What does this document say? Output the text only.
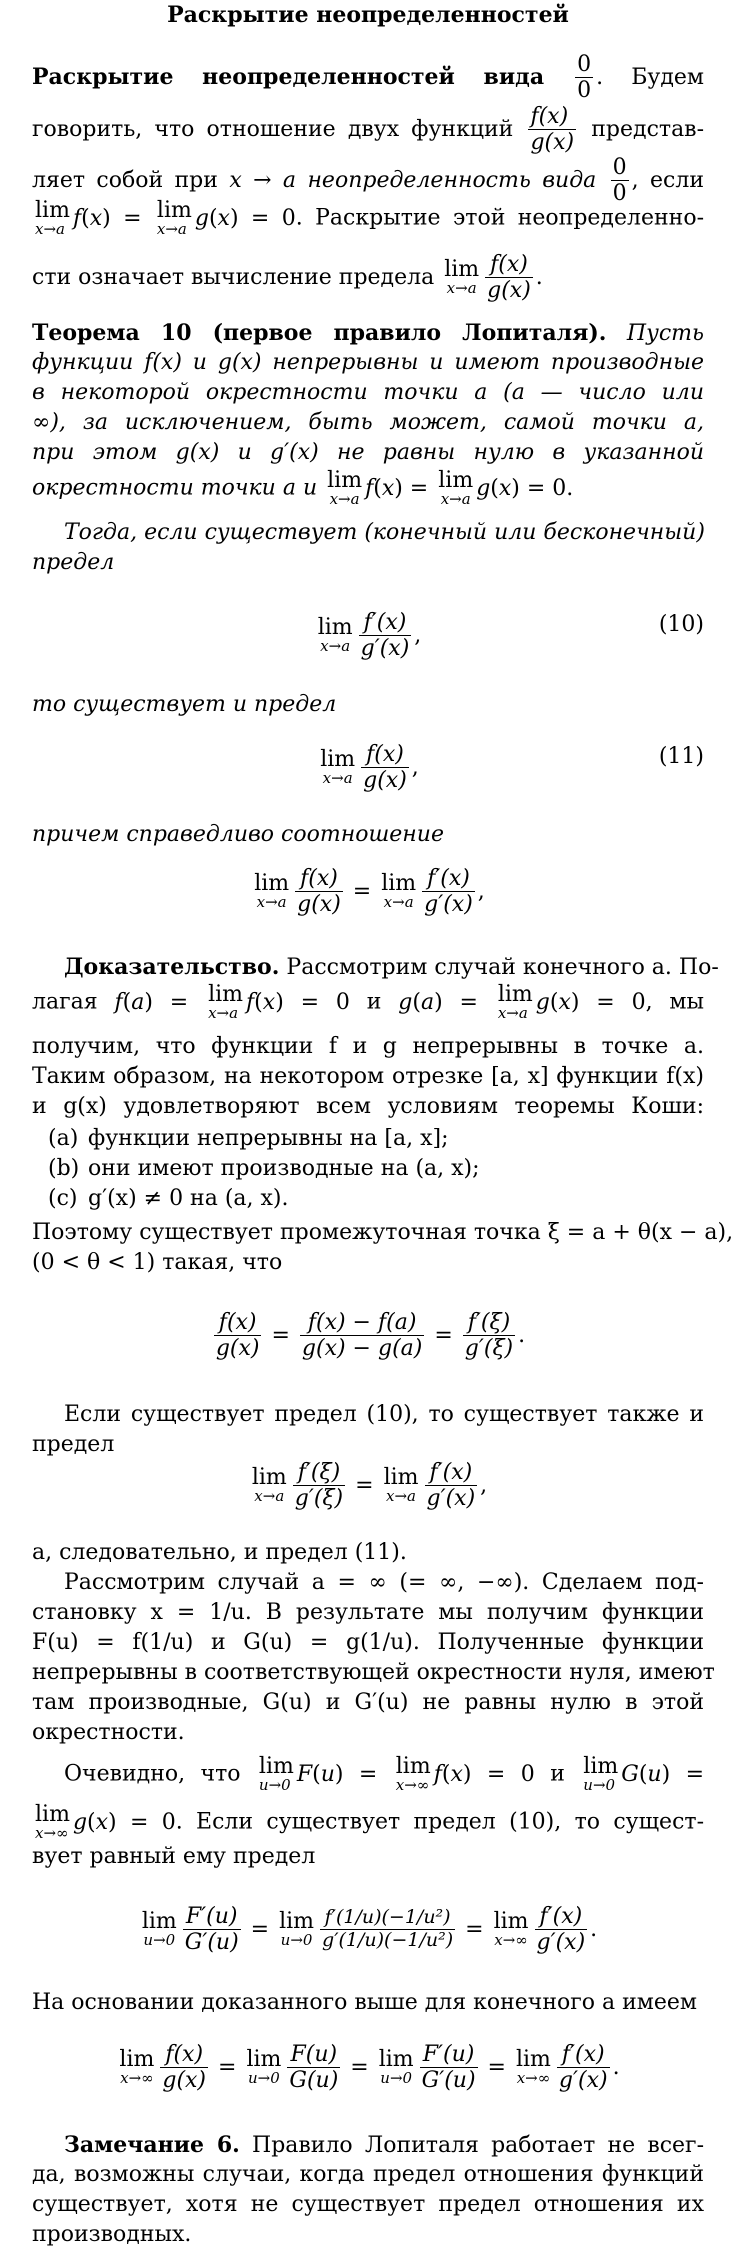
Раскрытие неопределенностей
Раскрытие неопределенностей вида $\frac{0}{0}$ . Будем
говорить, что отношение двух функций $\frac{f(x)}{g(x)}$ представ-
ляет собой при x → a неопределенность вида $\frac{0}{0}$ , если
lim
x→a f(x) = lim
x→a g(x) = 0. Раскрытие этой неопределенно-
сти означает вычисление предела lim
$x\to a \frac{f(x)}{g(x)}$ .
Теорема 10 (первое правило Лопиталя). Пусть
функции f(x) и g(x) непрерывны и имеют производные
в некоторой окрестности точки a (a — число или
∞), за исключением, быть может, самой точки a,
при этом g(x) и g′(x) не равны нулю в указанной
окрестности точки a и lim
x→a f(x) = lim
x→a g(x) = 0.
Тогда, если существует (конечный или бесконечный)
предел
lim
$x\to a \frac{f'(x)}{g'(x)}$ ,	(10)
то существует и предел
lim
$x\to a \frac{f(x)}{g(x)}$ ,	(11)
причем справедливо соотношение
lim
$x\to a \frac{f(x)}{g(x)} = \lim$
$x\to a \frac{f'(x)}{g'(x)}$ ,
Доказательство. Рассмотрим случай конечного a. По-
лагая f(a) = lim
x→a f(x) = 0 и g(a) = lim
x→a g(x) = 0, мы
получим, что функции f и g непрерывны в точке a.
Таким образом, на некотором отрезке [a, x] функции f(x)
и g(x) удовлетворяют всем условиям теоремы Коши:
(a) функции непрерывны на [a, x];
(b) они имеют производные на (a, x);
(c) g′(x) ≠ 0 на (a, x).
Поэтому существует промежуточная точка ξ = a + θ(x − a),
(0 < θ < 1) такая, что
$\frac{f(x)}{g(x)} = \frac{f(x) - f(a)}{g(x) - g(a)} = \frac{f'(\xi)}{g'(\xi)}$ .
Если существует предел (10), то существует также и
предел
lim
$x\to a \frac{f'(\xi)}{g'(\xi)} = \lim$
$x\to a \frac{f'(x)}{g'(x)}$ ,
а, следовательно, и предел (11).
Рассмотрим случай a = ∞ (= ∞, −∞). Сделаем под-
становку x = 1/u. В результате мы получим функции
F(u) = f(1/u) и G(u) = g(1/u). Полученные функции
непрерывны в соответствующей окрестности нуля, имеют
там производные, G(u) и G′(u) не равны нулю в этой
окрестности.
Очевидно, что lim
u→0 F(u) = lim
x→∞ f(x) = 0 и lim
u→0 G(u) =
lim
x→∞ g(x) = 0. Если существует предел (10), то сущест-
вует равный ему предел
lim
$u\to 0 \frac{F'(u)}{G'(u)} = \lim$
$u\to 0 \frac{\text{f′(1/u)(−1/u²)}}{\text{g′(1/u)(−1/u²)}} = \lim$
$x\to\infty \frac{f'(x)}{g'(x)}$ .
На основании доказанного выше для конечного a имеем
lim
$x\to\infty \frac{f(x)}{g(x)} = \lim$
$u\to 0 \frac{F(u)}{G(u)} = \lim$
$u\to 0 \frac{F'(u)}{G'(u)} = \lim$
$x\to\infty \frac{f'(x)}{g'(x)}$ .
Замечание 6. Правило Лопиталя работает не всег-
да, возможны случаи, когда предел отношения функций
существует, хотя не существует предел отношения их
производных.
